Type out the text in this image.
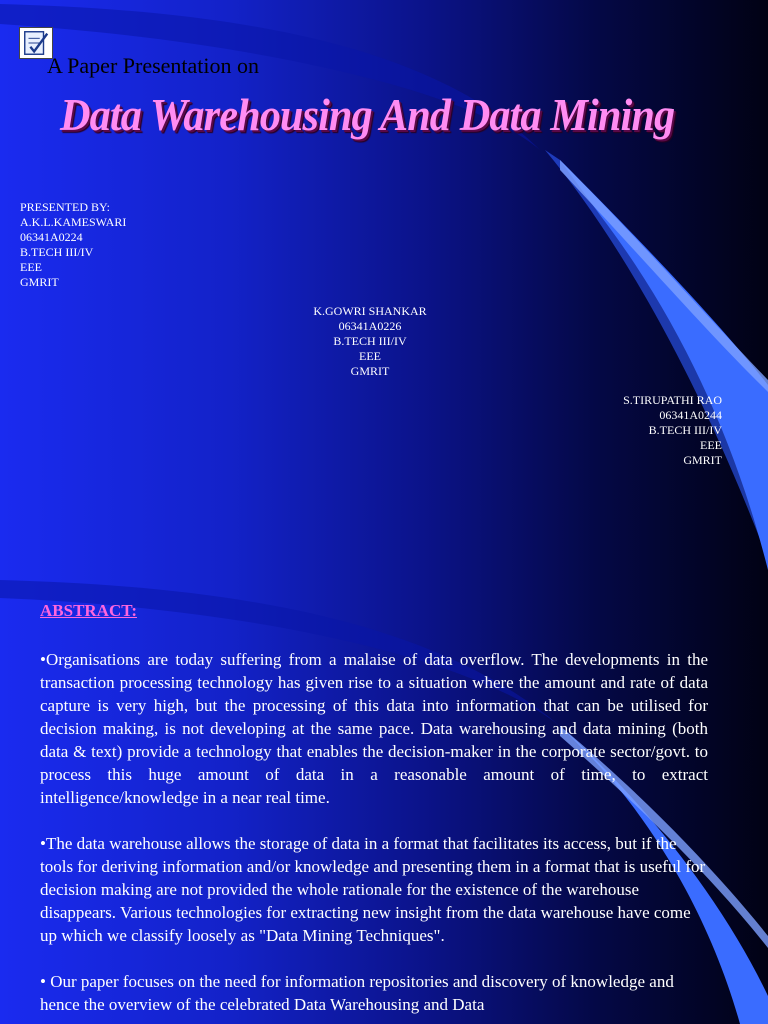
A Paper Presentation on
Data Warehousing And Data Mining
PRESENTED BY:
A.K.L.KAMESWARI
06341A0224
B.TECH III/IV
EEE
GMRIT
K.GOWRI SHANKAR
06341A0226
B.TECH III/IV
EEE
GMRIT
S.TIRUPATHI RAO
06341A0244
B.TECH III/IV
EEE
GMRIT
ABSTRACT:

•Organisations are today suffering from a malaise of data overflow. The developments in the transaction processing technology has given rise to a situation where the amount and rate of data capture is very high, but the processing of this data into information that can be utilised for decision making, is not developing at the same pace. Data warehousing and data mining (both data & text) provide a technology that enables the decision-maker in the corporate sector/govt. to process this huge amount of data in a reasonable amount of time, to extract intelligence/knowledge in a near real time.

•The data warehouse allows the storage of data in a format that facilitates its access, but if the tools for deriving information and/or knowledge and presenting them in a format that is useful for decision making are not provided the whole rationale for the existence of the warehouse disappears. Various technologies for extracting new insight from the data warehouse have come up which we classify loosely as "Data Mining Techniques".

• Our paper focuses on the need for information repositories and discovery of knowledge and hence the overview of the celebrated Data Warehousing and Data
